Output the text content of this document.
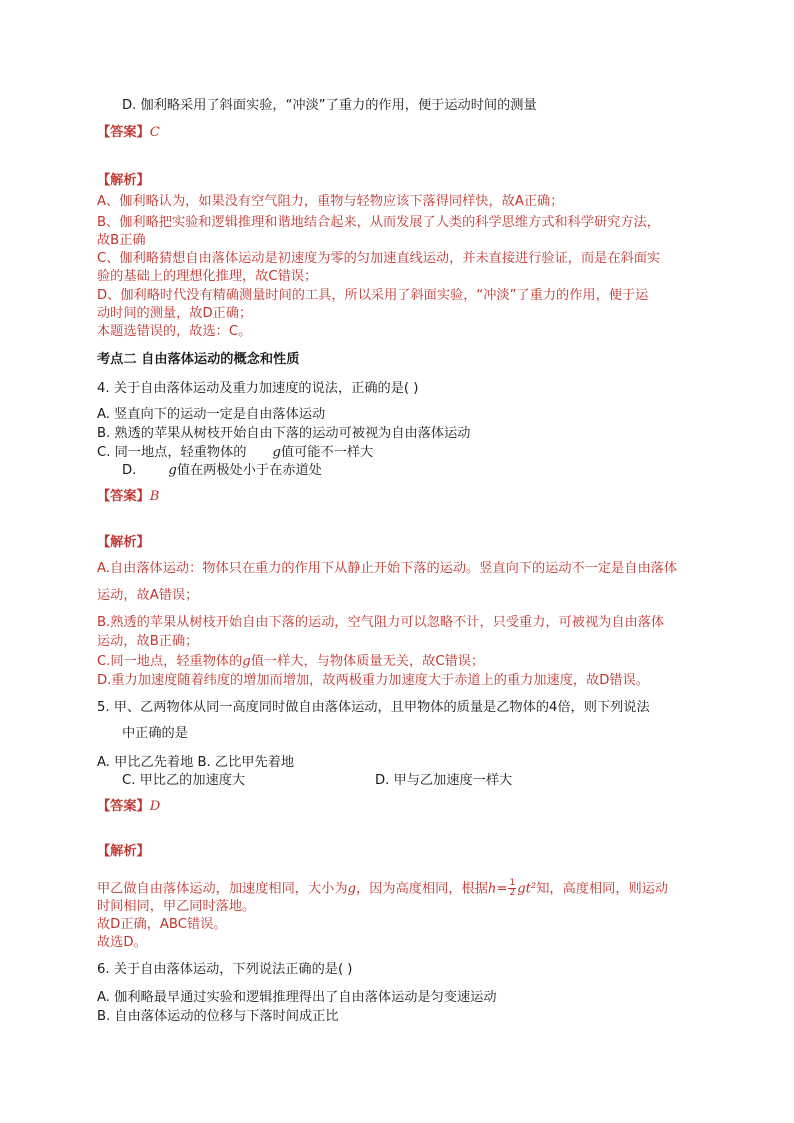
D. 伽利略采用了斜面实验，“冲淡”了重力的作用，便于运动时间的测量
【答案】C
【解析】
A、伽利略认为，如果没有空气阻力，重物与轻物应该下落得同样快，故A正确；
B、伽利略把实验和逻辑推理和谐地结合起来，从而发展了人类的科学思维方式和科学研究方法，
故B正确
C、伽利略猜想自由落体运动是初速度为零的匀加速直线运动，并未直接进行验证，而是在斜面实
验的基础上的理想化推理，故C错误；
D、伽利略时代没有精确测量时间的工具，所以采用了斜面实验，“冲淡”了重力的作用，便于运
动时间的测量，故D正确；
本题选错误的，故选：C。
考点二 自由落体运动的概念和性质
4. 关于自由落体运动及重力加速度的说法，正确的是( )
A. 竖直向下的运动一定是自由落体运动
B. 熟透的苹果从树枝开始自由下落的运动可被视为自由落体运动
C. 同一地点，轻重物体的 g值可能不一样大
D. g值在两极处小于在赤道处
【答案】B
【解析】
A.自由落体运动：物体只在重力的作用下从静止开始下落的运动。竖直向下的运动不一定是自由落体
运动，故A错误；
B.熟透的苹果从树枝开始自由下落的运动，空气阻力可以忽略不计，只受重力，可被视为自由落体
运动，故B正确；
C.同一地点，轻重物体的g值一样大，与物体质量无关，故C错误；
D.重力加速度随着纬度的增加而增加，故两极重力加速度大于赤道上的重力加速度，故D错误。
5. 甲、乙两物体从同一高度同时做自由落体运动，且甲物体的质量是乙物体的4倍，则下列说法
中正确的是
A. 甲比乙先着地 B. 乙比甲先着地
C. 甲比乙的加速度大	D. 甲与乙加速度一样大
【答案】D
【解析】
甲乙做自由落体运动，加速度相同，大小为g，因为高度相同，根据$h= \frac{1}{2} gt^2$知，高度相同，则运动
时间相同，甲乙同时落地。
故D正确，ABC错误。
故选D。
6. 关于自由落体运动，下列说法正确的是( )
A. 伽利略最早通过实验和逻辑推理得出了自由落体运动是匀变速运动
B. 自由落体运动的位移与下落时间成正比
